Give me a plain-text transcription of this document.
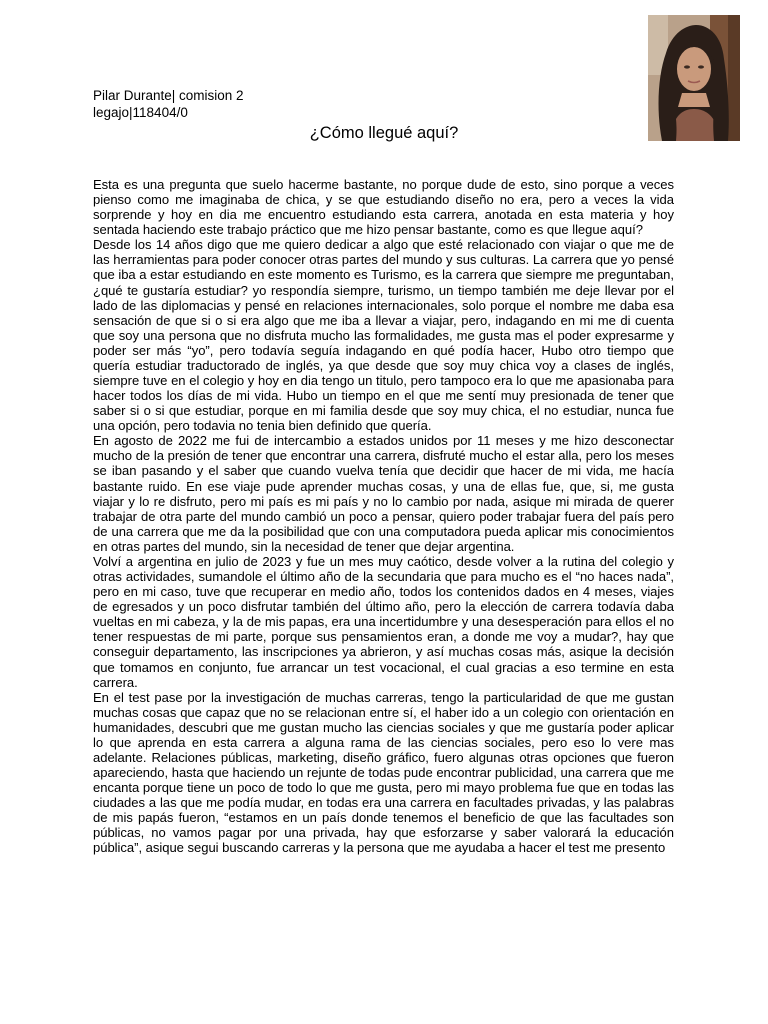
Pilar Durante| comision 2
legajo|118404/0
¿Cómo llegué aquí?

Esta es una pregunta que suelo hacerme bastante, no porque dude de esto, sino porque a veces pienso como me imaginaba de chica, y se que estudiando diseño no era, pero a veces la vida sorprende y hoy en dia me encuentro estudiando esta carrera, anotada en esta materia y hoy sentada haciendo este trabajo práctico que me hizo pensar bastante, como es que llegue aquí?

Desde los 14 años digo que me quiero dedicar a algo que esté relacionado con viajar o que me de las herramientas para poder conocer otras partes del mundo y sus culturas. La carrera que yo pensé que iba a estar estudiando en este momento es Turismo, es la carrera que siempre me preguntaban, ¿qué te gustaría estudiar? yo respondía siempre, turismo, un tiempo también me deje llevar por el lado de las diplomacias y pensé en relaciones internacionales, solo porque el nombre me daba esa sensación de que si o si era algo que me iba a llevar a viajar, pero, indagando en mi me di cuenta que soy una persona que no disfruta mucho las formalidades, me gusta mas el poder expresarme y poder ser más “yo”, pero todavía seguía indagando en qué podía hacer, Hubo otro tiempo que quería estudiar traductorado de inglés, ya que desde que soy muy chica voy a clases de inglés, siempre tuve en el colegio y hoy en dia tengo un titulo, pero tampoco era lo que me apasionaba para hacer todos los días de mi vida. Hubo un tiempo en el que me sentí muy presionada de tener que saber si o si que estudiar, porque en mi familia desde que soy muy chica, el no estudiar, nunca fue una opción, pero todavia no tenia bien definido que quería.

En agosto de 2022 me fui de intercambio a estados unidos por 11 meses y me hizo desconectar mucho de la presión de tener que encontrar una carrera, disfruté mucho el estar alla, pero los meses se iban pasando y el saber que cuando vuelva tenía que decidir que hacer de mi vida, me hacía bastante ruido. En ese viaje pude aprender muchas cosas, y una de ellas fue, que, si, me gusta viajar y lo re disfruto, pero mi país es mi país y no lo cambio por nada, asique mi mirada de querer trabajar de otra parte del mundo cambió un poco a pensar, quiero poder trabajar fuera del país pero de una carrera que me da la posibilidad que con una computadora pueda aplicar mis conocimientos en otras partes del mundo, sin la necesidad de tener que dejar argentina.

Volví a argentina en julio de 2023 y fue un mes muy caótico, desde volver a la rutina del colegio y otras actividades, sumandole el último año de la secundaria que para mucho es el “no haces nada”, pero en mi caso, tuve que recuperar en medio año, todos los contenidos dados en 4 meses, viajes de egresados y un poco disfrutar también del último año, pero la elección de carrera todavía daba vueltas en mi cabeza, y la de mis papas, era una incertidumbre y una desesperación para ellos el no tener respuestas de mi parte, porque sus pensamientos eran, a donde me voy a mudar?, hay que conseguir departamento, las inscripciones ya abrieron, y así muchas cosas más, asique la decisión que tomamos en conjunto, fue arrancar un test vocacional, el cual gracias a eso termine en esta carrera.

En el test pase por la investigación de muchas carreras, tengo la particularidad de que me gustan muchas cosas que capaz que no se relacionan entre sí, el haber ido a un colegio con orientación en humanidades, descubri que me gustan mucho las ciencias sociales y que me gustaría poder aplicar lo que aprenda en esta carrera a alguna rama de las ciencias sociales, pero eso lo vere mas adelante. Relaciones públicas, marketing, diseño gráfico, fuero algunas otras opciones que fueron apareciendo, hasta que haciendo un rejunte de todas pude encontrar publicidad, una carrera que me encanta porque tiene un poco de todo lo que me gusta, pero mi mayo problema fue que en todas las ciudades a las que me podía mudar, en todas era una carrera en facultades privadas, y las palabras de mis papás fueron, “estamos en un país donde tenemos el beneficio de que las facultades son públicas, no vamos pagar por una privada, hay que esforzarse y saber valorará la educación pública”, asique segui buscando carreras y la persona que me ayudaba a hacer el test me presento
